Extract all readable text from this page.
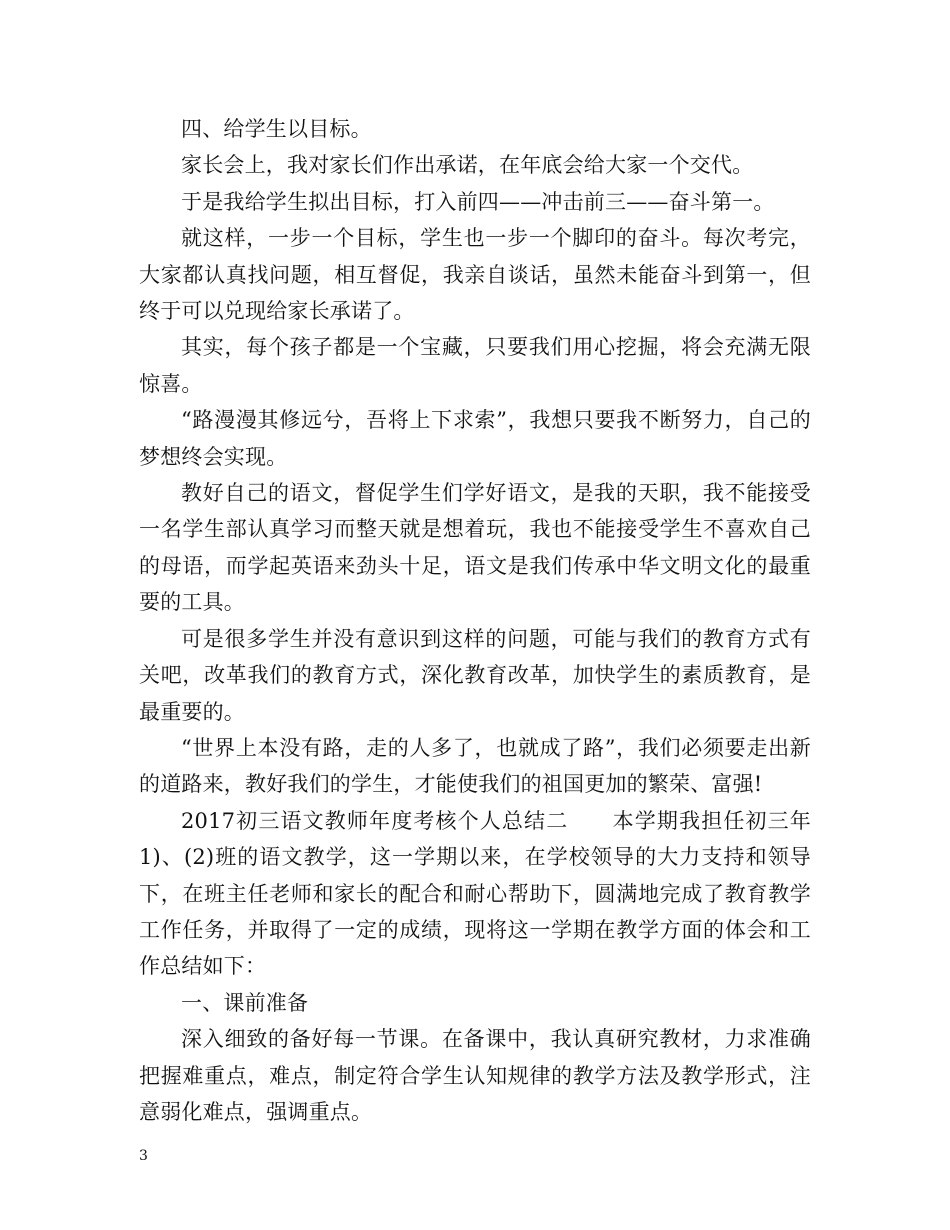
四、给学生以目标。

家长会上，我对家长们作出承诺，在年底会给大家一个交代。

于是我给学生拟出目标，打入前四——冲击前三——奋斗第一。

就这样，一步一个目标，学生也一步一个脚印的奋斗。每次考完，大家都认真找问题，相互督促，我亲自谈话，虽然未能奋斗到第一，但终于可以兑现给家长承诺了。

其实，每个孩子都是一个宝藏，只要我们用心挖掘，将会充满无限惊喜。

“路漫漫其修远兮，吾将上下求索”，我想只要我不断努力，自己的梦想终会实现。

教好自己的语文，督促学生们学好语文，是我的天职，我不能接受一名学生部认真学习而整天就是想着玩，我也不能接受学生不喜欢自己的母语，而学起英语来劲头十足，语文是我们传承中华文明文化的最重要的工具。

可是很多学生并没有意识到这样的问题，可能与我们的教育方式有关吧，改革我们的教育方式，深化教育改革，加快学生的素质教育，是最重要的。

“世界上本没有路，走的人多了，也就成了路”，我们必须要走出新的道路来，教好我们的学生，才能使我们的祖国更加的繁荣、富强!

2017初三语文教师年度考核个人总结二　　本学期我担任初三年1)、(2)班的语文教学，这一学期以来，在学校领导的大力支持和领导下，在班主任老师和家长的配合和耐心帮助下，圆满地完成了教育教学工作任务，并取得了一定的成绩，现将这一学期在教学方面的体会和工作总结如下：

一、课前准备

深入细致的备好每一节课。在备课中，我认真研究教材，力求准确把握难重点，难点，制定符合学生认知规律的教学方法及教学形式，注意弱化难点，强调重点。

3
